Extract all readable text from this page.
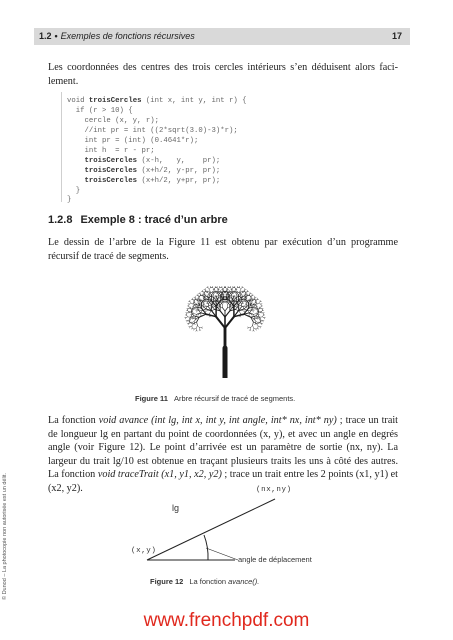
1.2 • Exemples de fonctions récursives	17

Les coordonnées des centres des trois cercles intérieurs s’en déduisent alors faci-lement.

void troisCercles (int x, int y, int r) {
if (r > 10) {
cercle (x, y, r);
//int pr = int ((2*sqrt(3.0)-3)*r);
int pr = (int) (0.4641*r);
int h  = r - pr;
troisCercles (x-h,   y,    pr);
troisCercles (x+h/2, y-pr, pr);
troisCercles (x+h/2, y+pr, pr);
}
}
1.2.8 Exemple 8 : tracé d’un arbre

Le dessin de l’arbre de la Figure 11 est obtenu par exécution d’un programme récursif de tracé de segments.

Figure 11 Arbre récursif de tracé de segments.

La fonction void avance (int lg, int x, int y, int angle, int* nx, int* ny) ; trace un trait de longueur lg en partant du point de coordonnées (x, y), et avec un angle en degrés angle (voir Figure 12). Le point d’arrivée est un paramètre de sortie (nx, ny). La largeur du trait lg/10 est obtenue en traçant plusieurs traits les uns à côté des autres. La fonction void traceTrait (x1, y1, x2, y2) ; trace un trait entre les 2 points (x1, y1) et (x2, y2).	(nx,ny)
lg
(x,y)
angle de déplacement
Figure 12 La fonction avance().
© Dunod – La photocopie non autorisée est un délit.
www.frenchpdf.com
